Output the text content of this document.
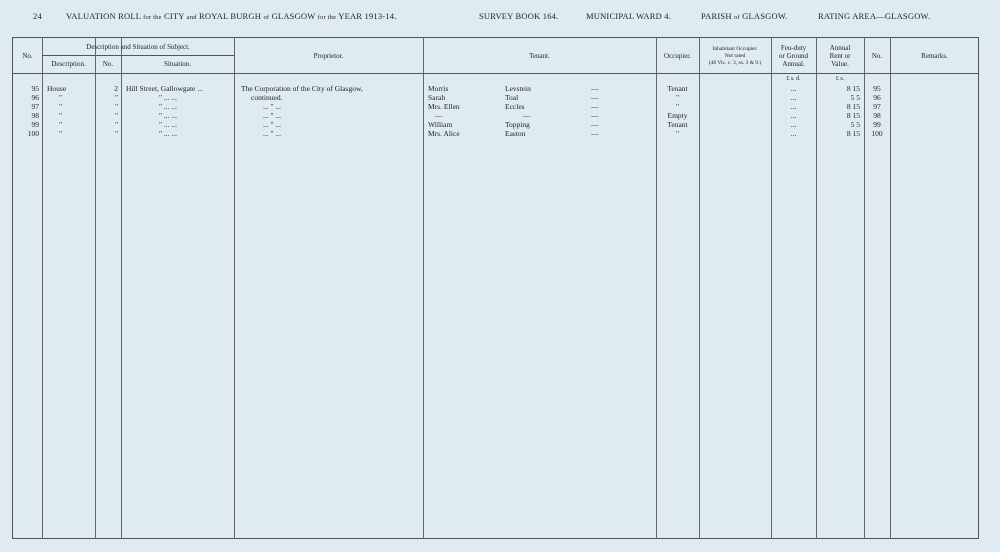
24	VALUATION ROLL for the CITY and ROYAL BURGH of GLASGOW for the YEAR 1913-14.	SURVEY BOOK 164.	MUNICIPAL WARD 4.	PARISH of GLASGOW.	RATING AREA—GLASGOW.
No.
Description and Situation of Subject.
Description.	No.	Situation.
Proprietor.	Tenant.	Occupier.
Inhabitant Occupier.
Not rated
(48 Vic. c. 3, ss. 3 & 9.)
Feu-duty
or Ground
Annual.
Annual
Rent or
Value.
No.	Remarks.
£ s. d.	£ s.
95 House	2 Hill Street, Gallowgate ...	The Corporation of the City of Glasgow,	Morris	Levstein	—	Tenant	...	8 15	95
96	"	"	" ... ...	continued.	Sarah	Toal	—	"	...	5 5	96
97	"	"	" ... ...	... " ...	Mrs. Ellen	Eccles	—	"	...	8 15	97
98	"	"	" ... ...	... " ...	—	—	—	Empty	...	8 15	98
99	"	"	" ... ...	... " ...	William	Topping	—	Tenant	...	5 5	99
100	"	"	" ... ...	... " ...	Mrs. Alice	Easton	—	"	...	8 15	100
